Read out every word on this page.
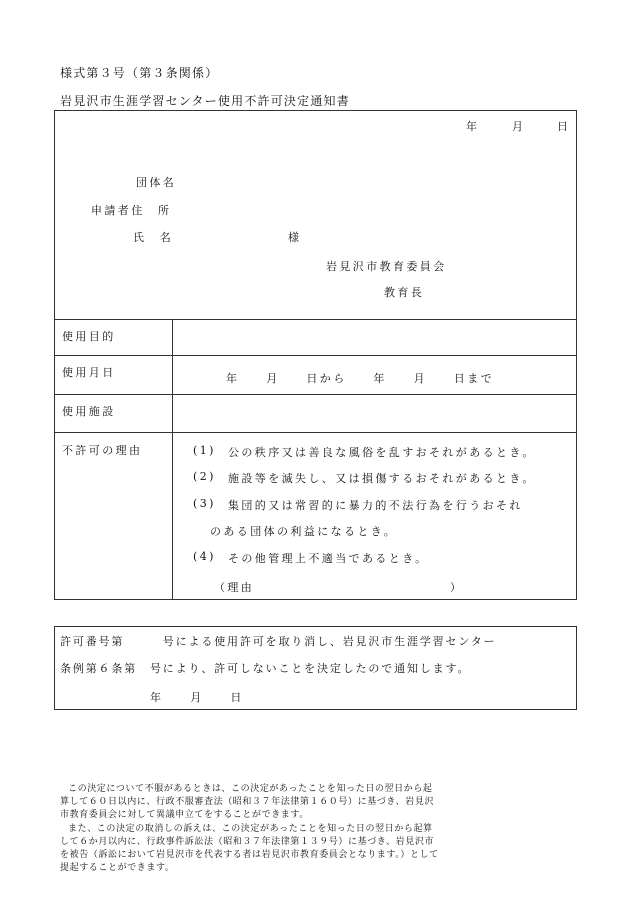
様式第３号（第３条関係）
岩見沢市生涯学習センター使用不許可決定通知書
年	月	日
団体名
申請者住　所
氏　名	様
岩見沢市教育委員会
教育長
使用目的
使用月日	年　　月　　日から　　年　　月　　日まで
使用施設
不許可の理由	(1) 公の秩序又は善良な風俗を乱すおそれがあるとき。
(2) 施設等を滅失し、又は損傷するおそれがあるとき。
(3) 集団的又は常習的に暴力的不法行為を行うおそれ
のある団体の利益になるとき。
(4) その他管理上不適当であるとき。
（理由	）
許可番号第　　　号による使用許可を取り消し、岩見沢市生涯学習センター
条例第６条第　号により、許可しないことを決定したので通知します。
年　　月　　日
この決定について不服があるときは、この決定があったことを知った日の翌日から起
算して６０日以内に、行政不服審査法（昭和３７年法律第１６０号）に基づき、岩見沢
市教育委員会に対して異議申立てをすることができます。
また、この決定の取消しの訴えは、この決定があったことを知った日の翌日から起算
して６か月以内に、行政事件訴訟法（昭和３７年法律第１３９号）に基づき、岩見沢市
を被告（訴訟において岩見沢市を代表する者は岩見沢市教育委員会となります。）として
提起することができます。
